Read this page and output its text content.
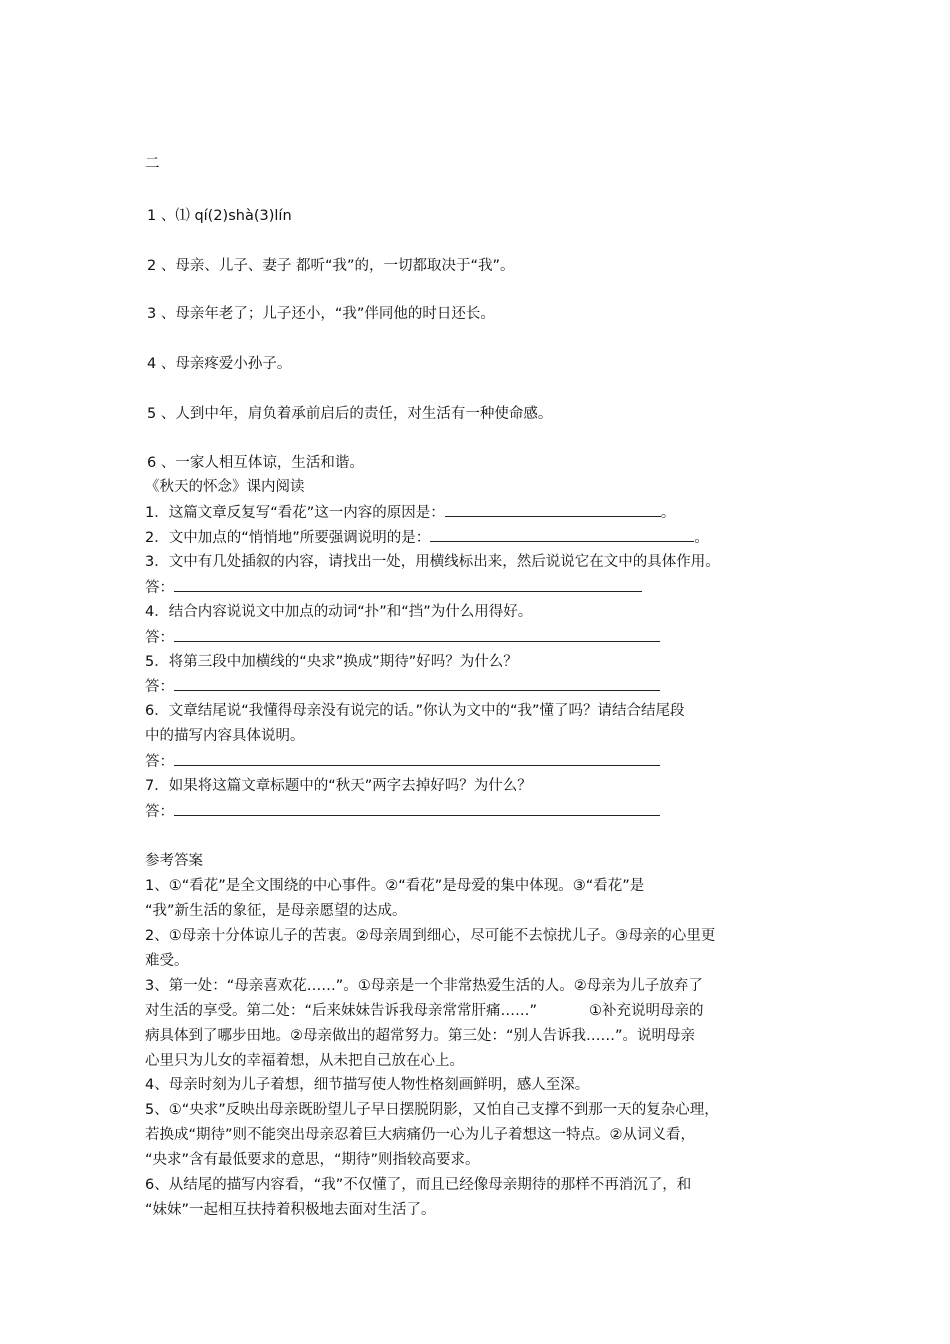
二
1 、⑴ qí(2)shà(3)lín
2 、母亲、儿子、妻子 都听“我”的，一切都取决于“我”。
3 、母亲年老了；儿子还小，“我”伴同他的时日还长。
4 、母亲疼爱小孙子。
5 、人到中年，肩负着承前启后的责任，对生活有一种使命感。
6 、一家人相互体谅，生活和谐。
《秋天的怀念》课内阅读
1．这篇文章反复写“看花”这一内容的原因是：	。
2．文中加点的“悄悄地”所要强调说明的是：	。
3．文中有几处插叙的内容，请找出一处，用横线标出来，然后说说它在文中的具体作用。
答：
4．结合内容说说文中加点的动词“扑”和“挡”为什么用得好。
答：
5．将第三段中加横线的“央求”换成”期待”好吗？为什么？
答：
6．文章结尾说“我懂得母亲没有说完的话。”你认为文中的“我”懂了吗？请结合结尾段
中的描写内容具体说明。
答：
7．如果将这篇文章标题中的“秋天”两字去掉好吗？为什么？
答：
参考答案
1、①“看花”是全文围绕的中心事件。②“看花”是母爱的集中体现。③“看花”是
“我”新生活的象征，是母亲愿望的达成。
2、①母亲十分体谅儿子的苦衷。②母亲周到细心，尽可能不去惊扰儿子。③母亲的心里更
难受。
3、第一处：“母亲喜欢花……”。①母亲是一个非常热爱生活的人。②母亲为儿子放弃了
对生活的享受。第二处：“后来妹妹告诉我母亲常常肝痛……”	①补充说明母亲的
病具体到了哪步田地。②母亲做出的超常努力。第三处：“别人告诉我……”。说明母亲
心里只为儿女的幸福着想，从未把自己放在心上。
4、母亲时刻为儿子着想，细节描写使人物性格刻画鲜明，感人至深。
5、①“央求”反映出母亲既盼望儿子早日摆脱阴影，又怕自己支撑不到那一天的复杂心理，
若换成“期待”则不能突出母亲忍着巨大病痛仍一心为儿子着想这一特点。②从词义看，
“央求”含有最低要求的意思，“期待”则指较高要求。
6、从结尾的描写内容看，“我”不仅懂了，而且已经像母亲期待的那样不再消沉了，和
“妹妹”一起相互扶持着积极地去面对生活了。
